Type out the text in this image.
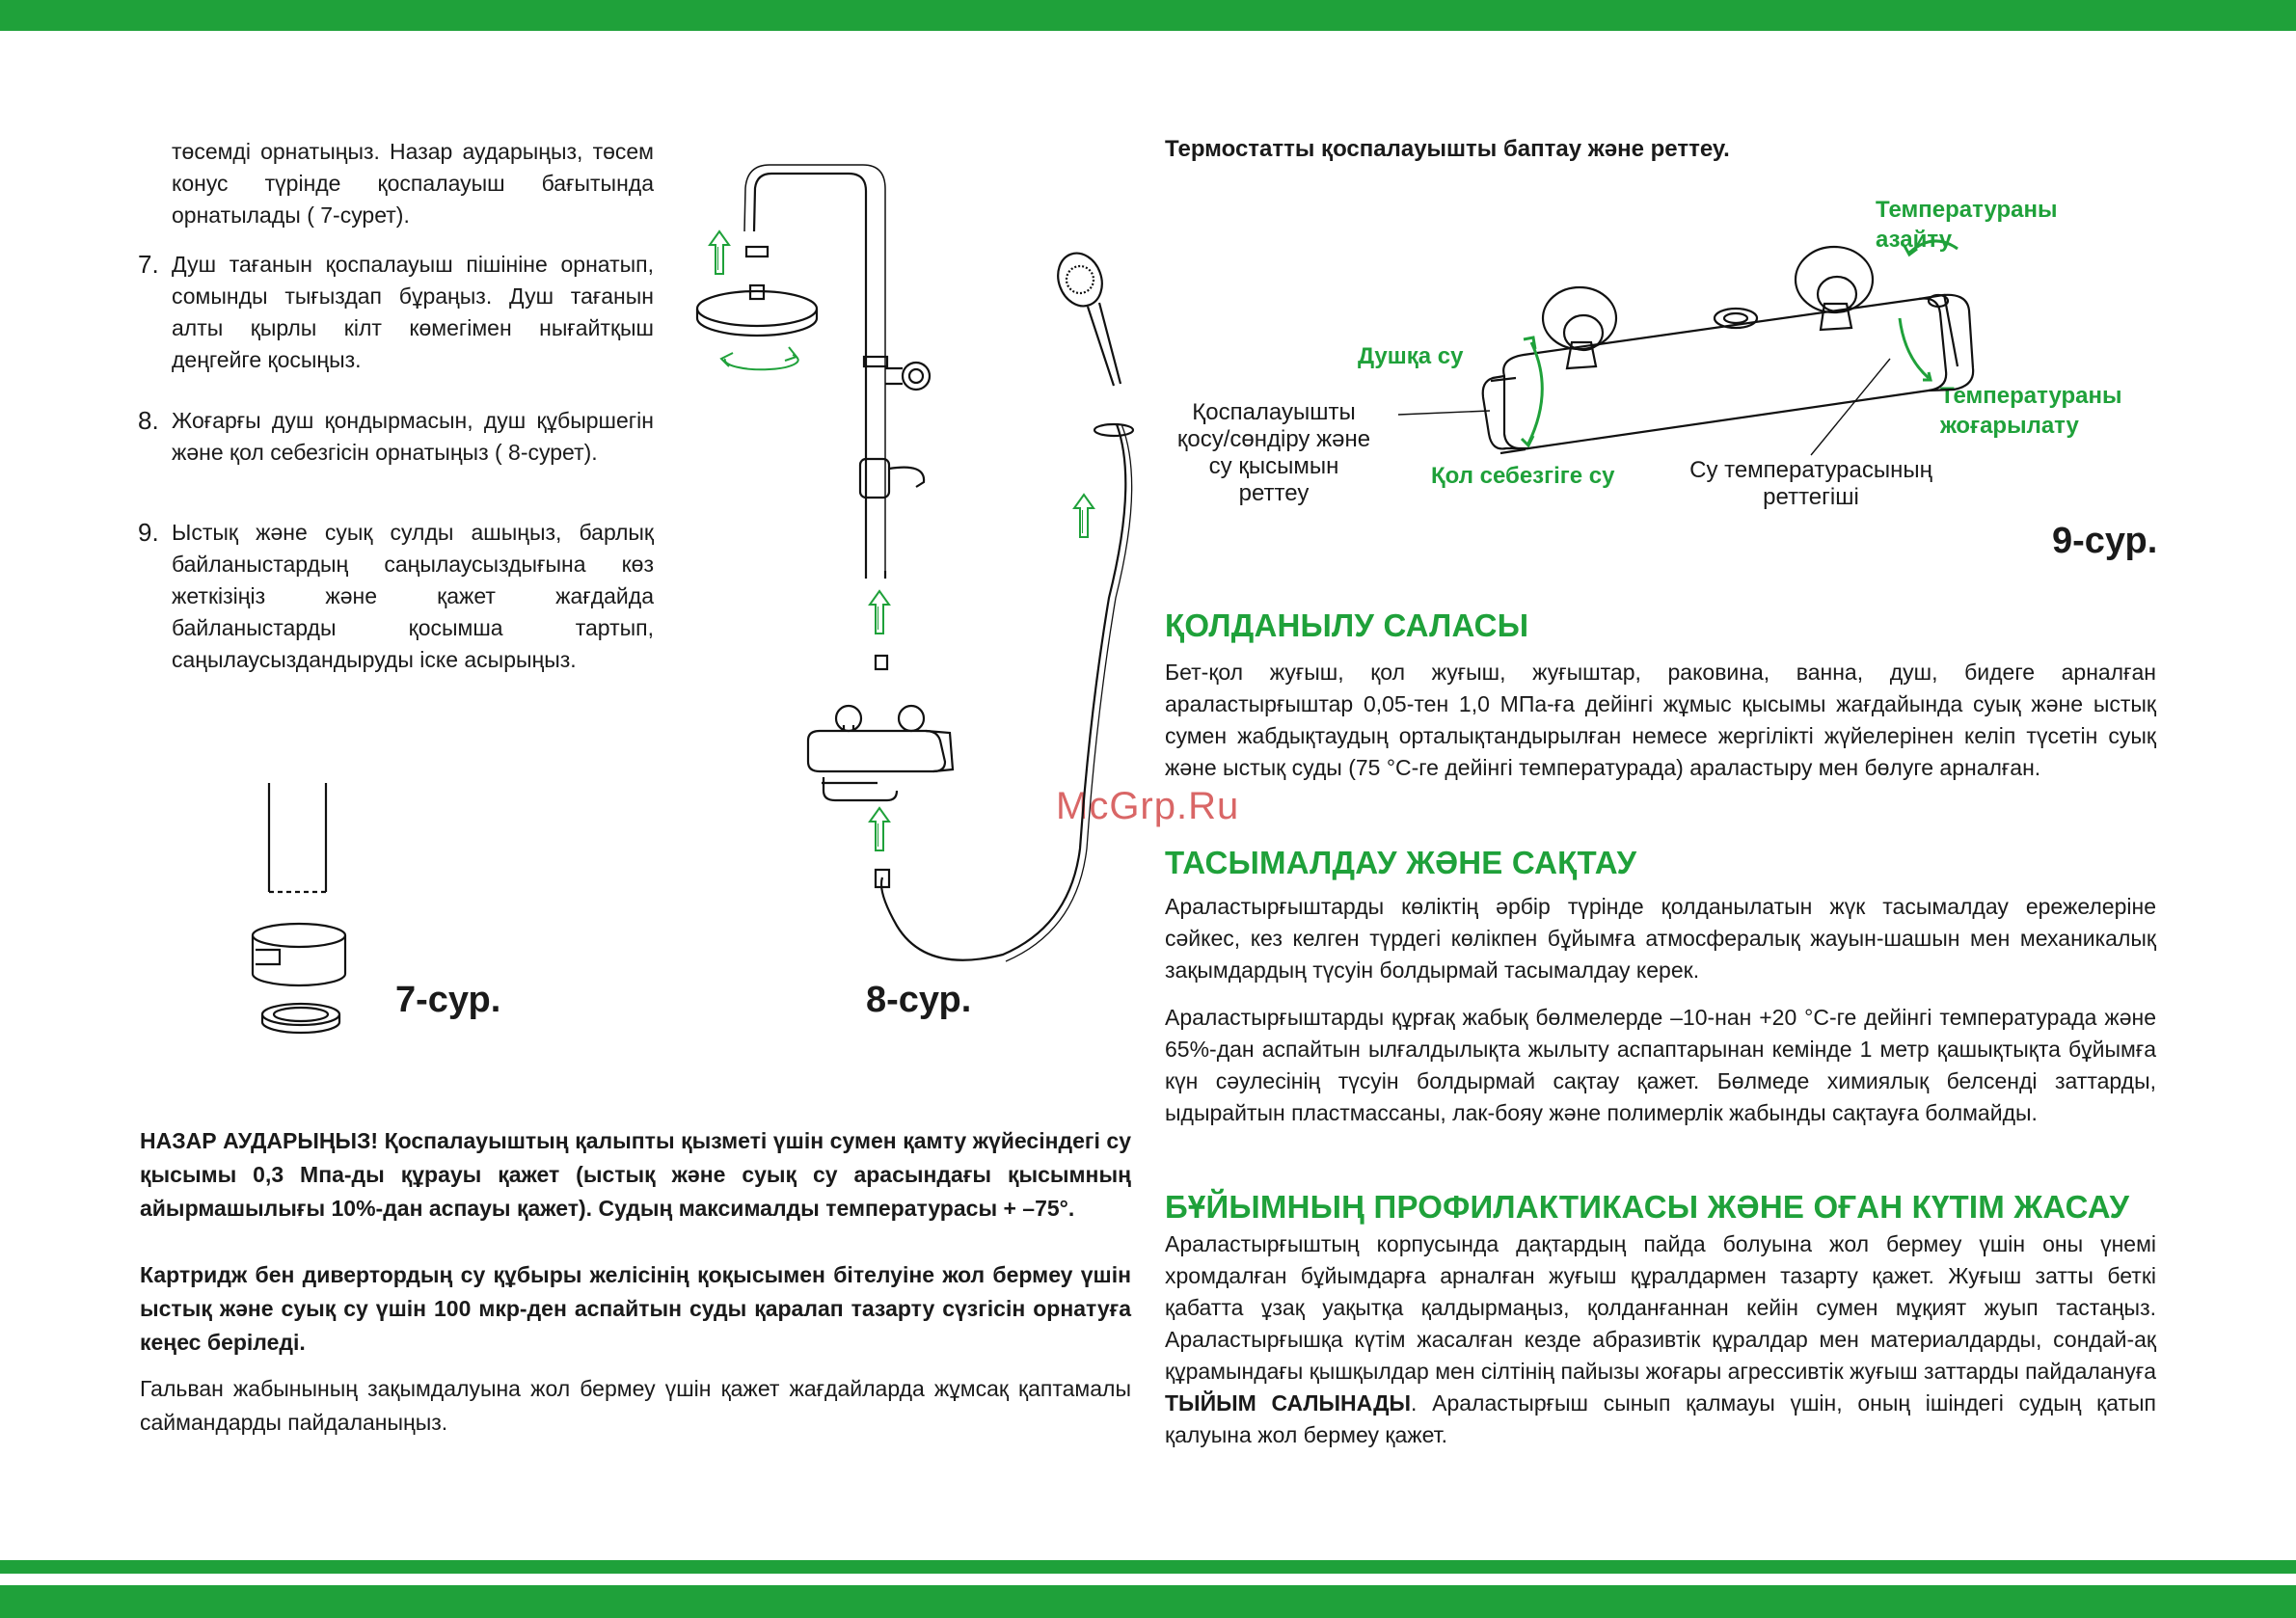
төсемді орнатыңыз. Назар аударыңыз, төсем конус түрінде қоспалауыш бағытында орнатылады ( 7-сурет).

7. Душ тағанын қоспалауыш пішініне орнатып, сомынды тығыздап бұраңыз. Душ тағанын алты қырлы кілт көмегімен нығайтқыш деңгейге қосыңыз.

8. Жоғарғы душ қондырмасын, душ құбыршегін және қол себезгісін орнатыңыз ( 8-сурет).

9. Ыстық және суық сулды ашыңыз, барлық байланыстардың саңылаусыздығына көз жеткізіңіз және қажет жағдайда байланыстарды қосымша тартып, саңылаусыздандыруды іске асырыңыз.

7-сур.	8-сур.

НАЗАР АУДАРЫҢЫЗ! Қоспалауыштың қалыпты қызметі үшін сумен қамту жүйесіндегі су қысымы 0,3 Мпа-ды құрауы қажет (ыстық және суық су арасындағы қысымның айырмашылығы 10%-дан аспауы қажет). Судың максималды температурасы + –75°.

Картридж бен дивертордың су құбыры желісінің қоқысымен бітелуіне жол бермеу үшін ыстық және суық су үшін 100 мкр-ден аспайтын суды қаралап тазарту сүзгісін орнатуға кеңес беріледі.

Гальван жабынының зақымдалуына жол бермеу үшін қажет жағдайларда жұмсақ қаптамалы саймандарды пайдаланыңыз.

Термостатты қоспалауышты баптау және реттеу.
Температураны азайту
Температураны жоғарылату
Душқа су
Қол себезгіге су
Қоспалауышты қосу/сөндіру және су қысымын реттеу
Су температурасының реттегіші
9-сур.
ҚОЛДАНЫЛУ САЛАСЫ

Бет-қол жуғыш, қол жуғыш, жуғыштар, раковина, ванна, душ, бидеге арналған араластырғыштар 0,05-тен 1,0 МПа-ға дейінгі жұмыс қысымы жағдайында суық және ыстық сумен жабдықтаудың орталықтандырылған немесе жергілікті жүйелерінен келіп түсетін суық және ыстық суды (75 °С-ге дейінгі температурада) араластыру мен бөлуге арналған.

ТАСЫМАЛДАУ ЖӘНЕ САҚТАУ

Араластырғыштарды көліктің әрбір түрінде қолданылатын жүк тасымалдау ережелеріне сәйкес, кез келген түрдегі көлікпен бұйымға атмосфералық жауын-шашын мен механикалық зақымдардың түсуін болдырмай тасымалдау керек.

Араластырғыштарды құрғақ жабық бөлмелерде –10-нан +20 °С-ге дейінгі температурада және 65%-дан аспайтын ылғалдылықта жылыту аспаптарынан кемінде 1 метр қашықтықта бұйымға күн сәулесінің түсуін болдырмай сақтау қажет. Бөлмеде химиялық белсенді заттарды, ыдырайтын пластмассаны, лак-бояу және полимерлік жабынды сақтауға болмайды.

БҰЙЫМНЫҢ ПРОФИЛАКТИКАСЫ ЖӘНЕ ОҒАН КҮТІМ ЖАСАУ

Араластырғыштың корпусында дақтардың пайда болуына жол бермеу үшін оны үнемі хромдалған бұйымдарға арналған жуғыш құралдармен тазарту қажет. Жуғыш затты беткі қабатта ұзақ уақытқа қалдырмаңыз, қолданғаннан кейін сумен мұқият жуып тастаңыз. Араластырғышқа күтім жасалған кезде абразивтік құралдар мен материалдарды, сондай-ақ құрамындағы қышқылдар мен сілтінің пайызы жоғары агрессивтік жуғыш заттарды пайдалануға ТЫЙЫМ САЛЫНАДЫ. Араластырғыш сынып қалмауы үшін, оның ішіндегі судың қатып қалуына жол бермеу қажет.

McGrp.Ru
